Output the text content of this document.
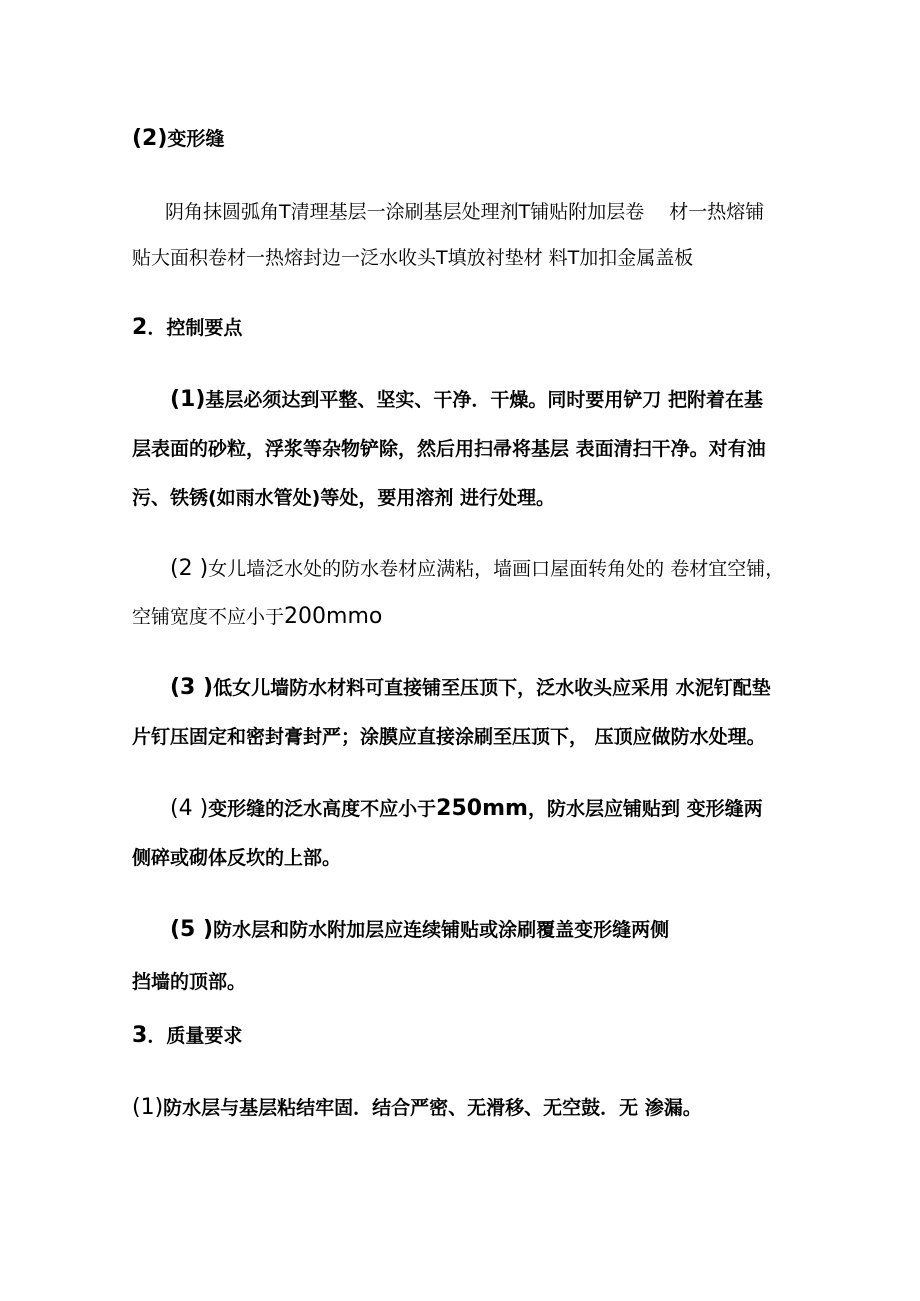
(2)变形缝
阴角抹圆弧角T清理基层一涂刷基层处理剂T铺贴附加层卷　 材一热熔铺
贴大面积卷材一热熔封边一泛水收头T填放衬垫材 料T加扣金属盖板
2．控制要点
(1)基层必须达到平整、坚实、干净．干燥。同时要用铲刀 把附着在基
层表面的砂粒，浮浆等杂物铲除，然后用扫帚将基层 表面清扫干净。对有油
污、铁锈(如雨水管处)等处，要用溶剂 进行处理。
(2 )女儿墙泛水处的防水卷材应满粘，墙画口屋面转角处的 卷材宜空铺，
空铺宽度不应小于200mmo
(3 )低女儿墙防水材料可直接铺至压顶下，泛水收头应采用 水泥钉配垫
片钉压固定和密封膏封严；涂膜应直接涂刷至压顶下， 压顶应做防水处理。
(4 )变形缝的泛水高度不应小于250mm，防水层应铺贴到 变形缝两
侧碎或砌体反坎的上部。
(5 )防水层和防水附加层应连续铺贴或涂刷覆盖变形缝两侧
挡墙的顶部。
3．质量要求
(1)防水层与基层粘结牢固．结合严密、无滑移、无空鼓．无 渗漏。
